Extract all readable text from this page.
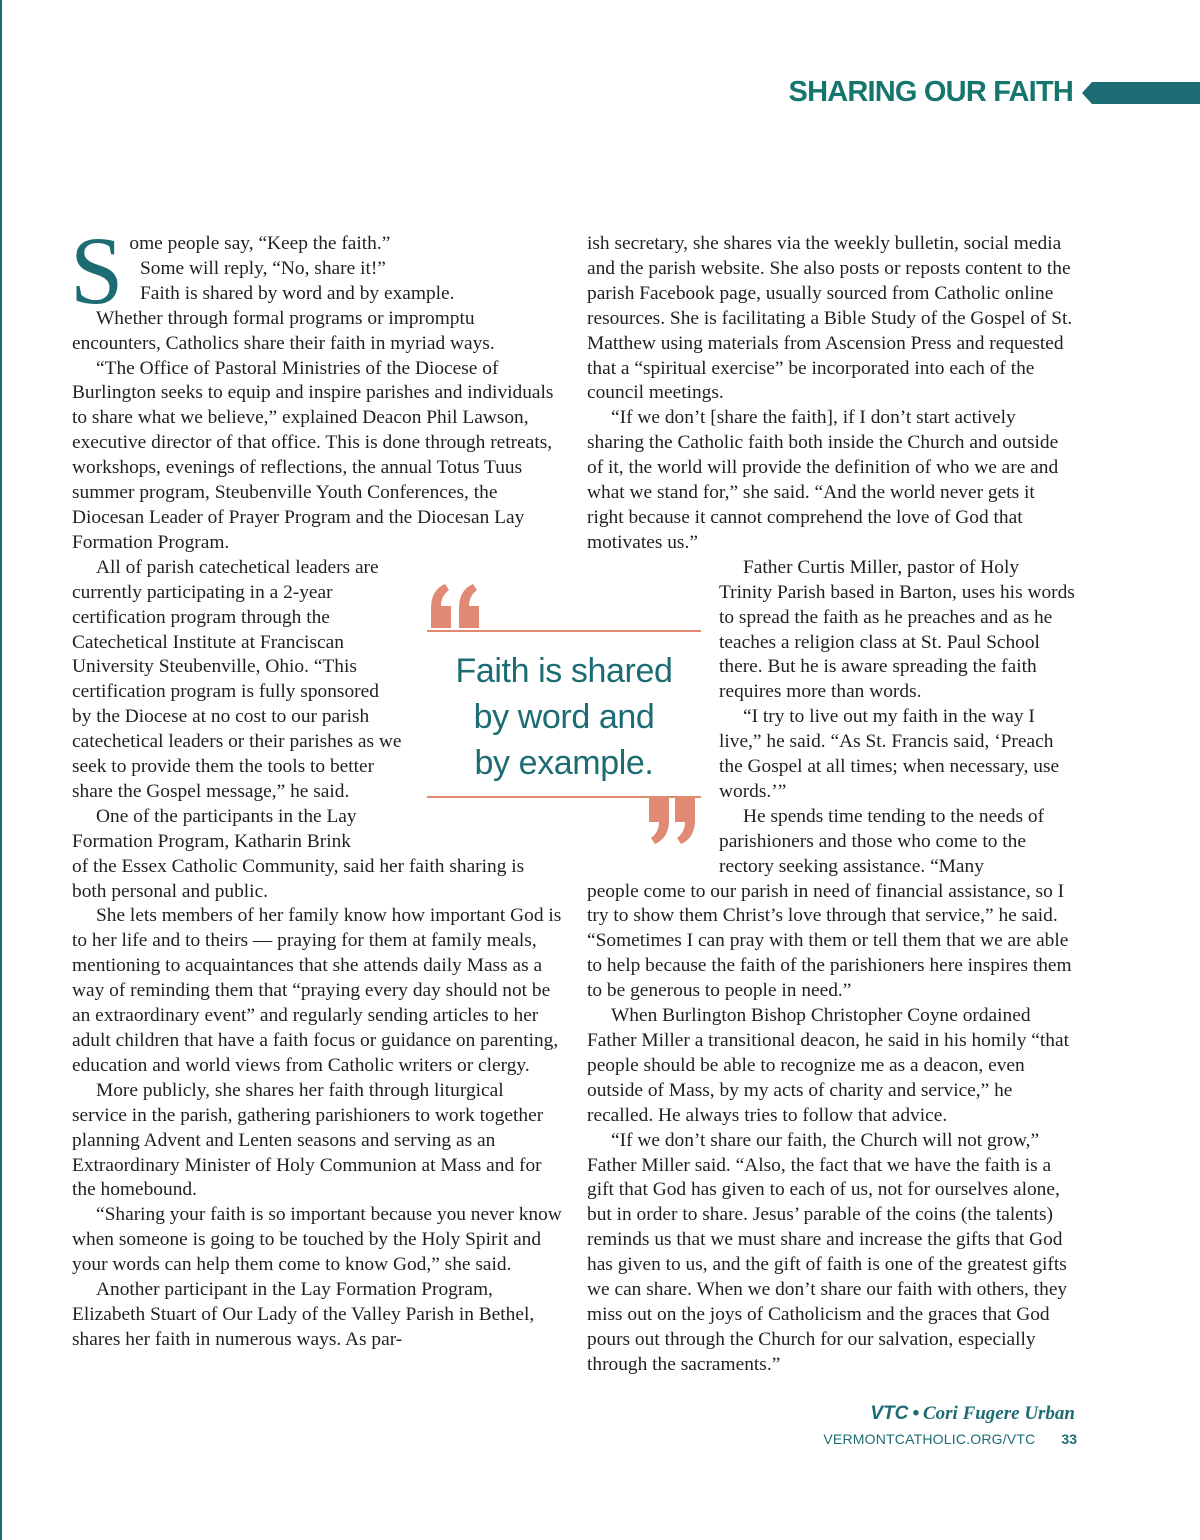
SHARING OUR FAITH
S ome people say, “Keep the faith.”

Some will reply, “No, share it!”

Faith is shared by word and by example.

Whether through formal programs or impromptu encounters, Catholics share their faith in myriad ways.

“The Office of Pastoral Ministries of the Diocese of Burlington seeks to equip and inspire parishes and individuals to share what we believe,” explained Deacon Phil Lawson, executive director of that office. This is done through retreats, workshops, evenings of reflections, the annual Totus Tuus summer program, Steubenville Youth Conferences, the Diocesan Leader of Prayer Program and the Diocesan Lay Formation Program.

All of parish catechetical leaders are currently participating in a 2-year certification program through the Catechetical Institute at Franciscan University Steubenville, Ohio. “This certification program is fully sponsored by the Diocese at no cost to our parish catechetical leaders or their parishes as we seek to provide them the tools to better share the Gospel message,” he said.

One of the participants in the Lay Formation Program, Katharin Brink

of the Essex Catholic Community, said her faith sharing is both personal and public.

She lets members of her family know how important God is to her life and to theirs — praying for them at family meals, mentioning to acquaintances that she attends daily Mass as a way of reminding them that “praying every day should not be an extraordinary event” and regularly sending articles to her adult children that have a faith focus or guidance on parenting, education and world views from Catholic writers or clergy.

More publicly, she shares her faith through liturgical service in the parish, gathering parishioners to work together planning Advent and Lenten seasons and serving as an Extraordinary Minister of Holy Communion at Mass and for the homebound.

“Sharing your faith is so important because you never know when someone is going to be touched by the Holy Spirit and your words can help them come to know God,” she said.

Another participant in the Lay Formation Program, Elizabeth Stuart of Our Lady of the Valley Parish in Bethel, shares her faith in numerous ways. As par-

ish secretary, she shares via the weekly bulletin, social media and the parish website. She also posts or reposts content to the parish Facebook page, usually sourced from Catholic online resources. She is facilitating a Bible Study of the Gospel of St. Matthew using materials from Ascension Press and requested that a “spiritual exercise” be incorporated into each of the council meetings.

“If we don’t [share the faith], if I don’t start actively sharing the Catholic faith both inside the Church and outside of it, the world will provide the definition of who we are and what we stand for,” she said. “And the world never gets it right because it cannot comprehend the love of God that motivates us.”

Father Curtis Miller, pastor of Holy Trinity Parish based in Barton, uses his words to spread the faith as he preaches and as he teaches a religion class at St. Paul School there. But he is aware spreading the faith requires more than words.

“I try to live out my faith in the way I live,” he said. “As St. Francis said, ‘Preach the Gospel at all times; when necessary, use words.’”

He spends time tending to the needs of parishioners and those who come to the rectory seeking assistance. “Many

people come to our parish in need of financial assistance, so I try to show them Christ’s love through that service,” he said. “Sometimes I can pray with them or tell them that we are able to help because the faith of the parishioners here inspires them to be generous to people in need.”

When Burlington Bishop Christopher Coyne ordained Father Miller a transitional deacon, he said in his homily “that people should be able to recognize me as a deacon, even outside of Mass, by my acts of charity and service,” he recalled. He always tries to follow that advice.

“If we don’t share our faith, the Church will not grow,” Father Miller said. “Also, the fact that we have the faith is a gift that God has given to each of us, not for ourselves alone, but in order to share. Jesus’ parable of the coins (the talents) reminds us that we must share and increase the gifts that God has given to us, and the gift of faith is one of the greatest gifts we can share. When we don’t share our faith with others, they miss out on the joys of Catholicism and the graces that God pours out through the Church for our salvation, especially through the sacraments.”

Faith is shared
by word and
by example.
VTC • Cori Fugere Urban
VERMONTCATHOLIC.ORG/VTC 33
